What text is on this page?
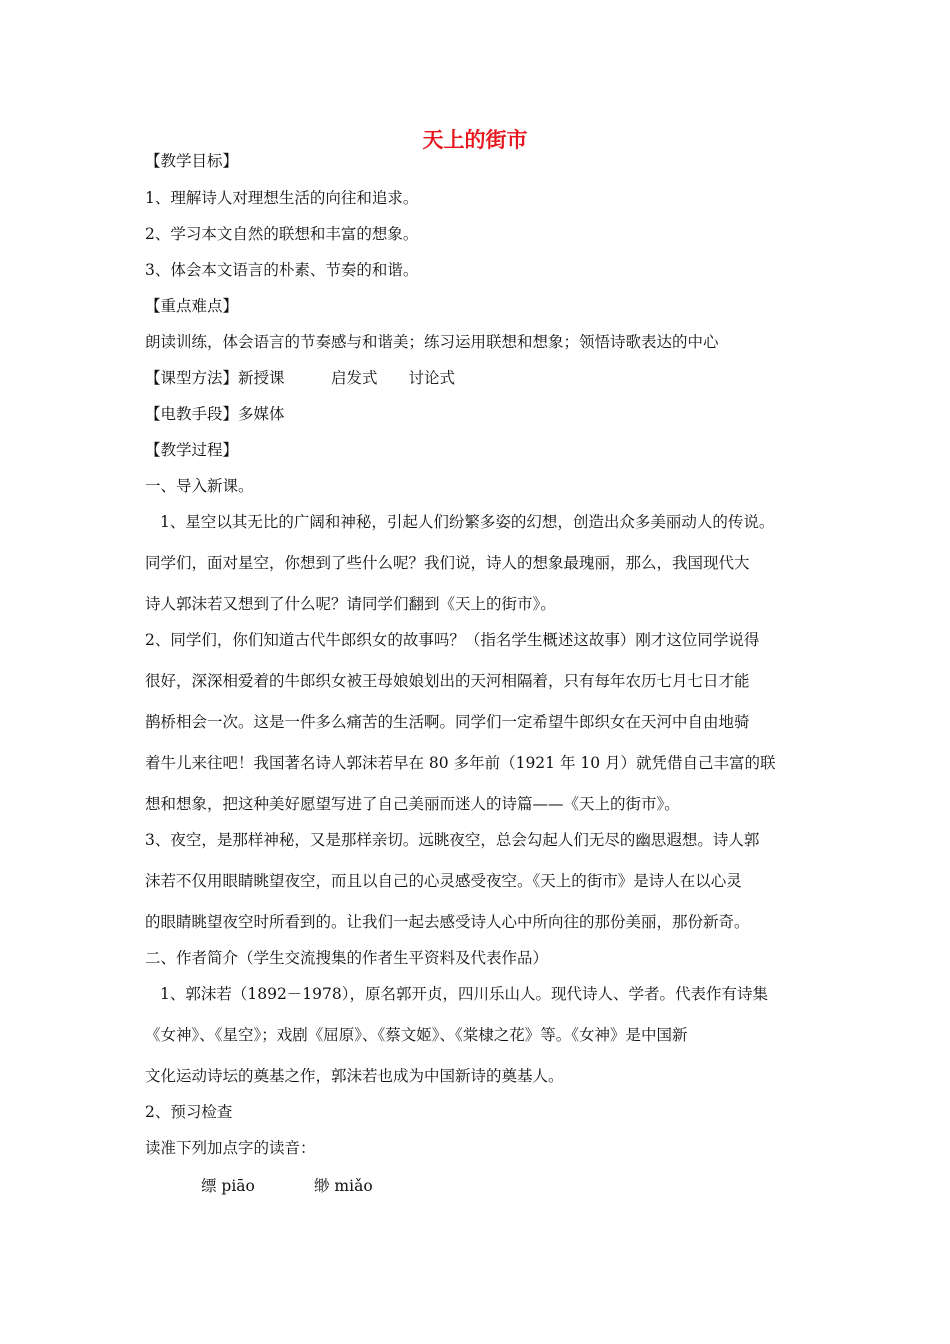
天上的街市
【教学目标】
1、理解诗人对理想生活的向往和追求。
2、学习本文自然的联想和丰富的想象。
3、体会本文语言的朴素、节奏的和谐。
【重点难点】
朗读训练，体会语言的节奏感与和谐美；练习运用联想和想象；领悟诗歌表达的中心
【课型方法】新授课　　　启发式　　讨论式
【电教手段】多媒体
【教学过程】
一、导入新课。
1、星空以其无比的广阔和神秘，引起人们纷繁多姿的幻想，创造出众多美丽动人的传说。
同学们，面对星空，你想到了些什么呢？我们说，诗人的想象最瑰丽，那么，我国现代大
诗人郭沫若又想到了什么呢？请同学们翻到《天上的街市》。
2、同学们，你们知道古代牛郎织女的故事吗？（指名学生概述这故事）刚才这位同学说得
很好，深深相爱着的牛郎织女被王母娘娘划出的天河相隔着，只有每年农历七月七日才能
鹊桥相会一次。这是一件多么痛苦的生活啊。同学们一定希望牛郎织女在天河中自由地骑
着牛儿来往吧！我国著名诗人郭沫若早在 80 多年前（1921 年 10 月）就凭借自己丰富的联
想和想象，把这种美好愿望写进了自己美丽而迷人的诗篇——《天上的街市》。
3、夜空，是那样神秘，又是那样亲切。远眺夜空，总会勾起人们无尽的幽思遐想。诗人郭
沫若不仅用眼睛眺望夜空，而且以自己的心灵感受夜空。《天上的街市》是诗人在以心灵
的眼睛眺望夜空时所看到的。让我们一起去感受诗人心中所向往的那份美丽，那份新奇。
二、作者简介（学生交流搜集的作者生平资料及代表作品）
1、郭沫若（1892－1978），原名郭开贞，四川乐山人。现代诗人、学者。代表作有诗集
《女神》、《星空》；戏剧《屈原》、《蔡文姬》、《棠棣之花》等。《女神》是中国新
文化运动诗坛的奠基之作，郭沫若也成为中国新诗的奠基人。
2、预习检查
读准下列加点字的读音：
缥 piāo	缈 miǎo
